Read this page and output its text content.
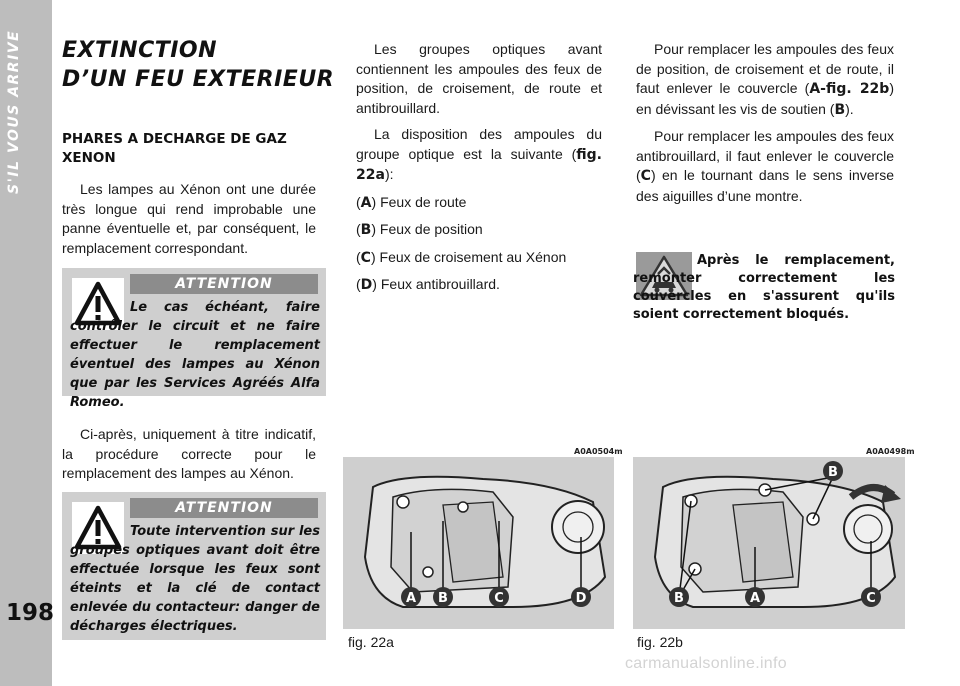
S'IL VOUS ARRIVE
198
EXTINCTION
D’UN FEU EXTERIEUR
PHARES A DECHARGE DE GAZ XENON

Les lampes au Xénon ont une durée très longue qui rend improbable une panne éventuelle et, par conséquent, le remplacement correspondant.

ATTENTION
Le cas échéant, faire contrôler le circuit et ne faire effectuer le remplacement éventuel des lampes au Xénon que par les Services Agréés Alfa Romeo.

Ci-après, uniquement à titre indicatif, la procédure correcte pour le remplacement des lampes au Xénon.

ATTENTION
Toute intervention sur les groupes optiques avant doit être effectuée lorsque les feux sont éteints et la clé de contact enlevée du contacteur: danger de décharges électriques.

Les groupes optiques avant contiennent les ampoules des feux de position, de croisement, de route et antibrouillard.

La disposition des ampoules du groupe optique est la suivante (fig. 22a):

(A) Feux de route

(B) Feux de position

(C) Feux de croisement au Xénon

(D) Feux antibrouillard.

Pour remplacer les ampoules des feux de position, de croisement et de route, il faut enlever le couvercle (A-fig. 22b) en dévissant les vis de soutien (B).

Pour remplacer les ampoules des feux antibrouillard, il faut enlever le couvercle (C) en le tournant dans le sens inverse des aiguilles d’une montre.

Après le remplacement, remonter correctement les couvercles en s'assurent qu'ils soient correctement bloqués.
A0A0504m
A B	C	D
fig. 22a
A0A0498m
B	A	C
B
fig. 22b
carmanualsonline.info
